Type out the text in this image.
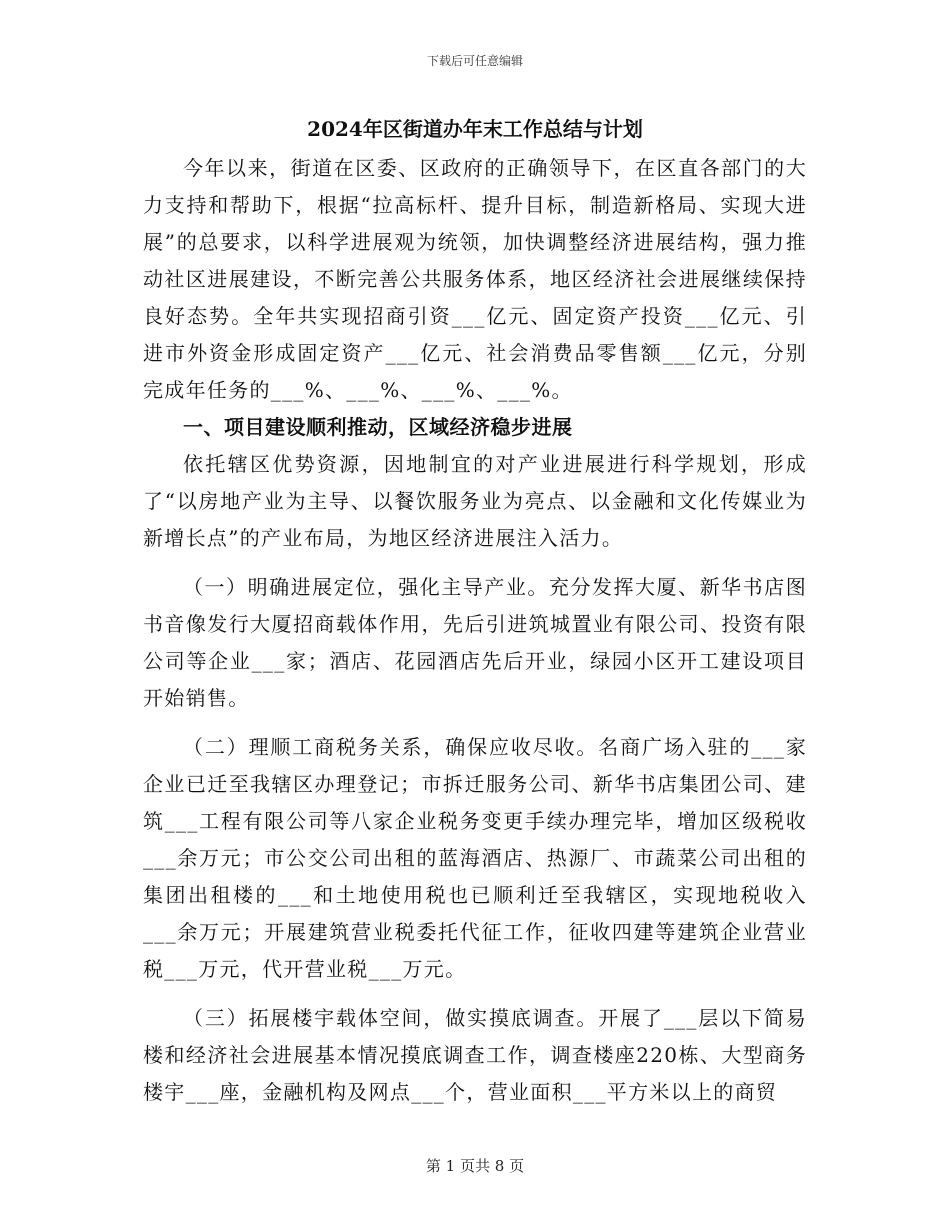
下载后可任意编辑
2024年区街道办年末工作总结与计划

今年以来，街道在区委、区政府的正确领导下，在区直各部门的大力支持和帮助下，根据“拉高标杆、提升目标，制造新格局、实现大进展”的总要求，以科学进展观为统领，加快调整经济进展结构，强力推动社区进展建设，不断完善公共服务体系，地区经济社会进展继续保持良好态势。全年共实现招商引资___亿元、固定资产投资___亿元、引进市外资金形成固定资产___亿元、社会消费品零售额___亿元，分别完成年任务的___%、___%、___%、___%。

一、项目建设顺利推动，区域经济稳步进展

依托辖区优势资源，因地制宜的对产业进展进行科学规划，形成了“以房地产业为主导、以餐饮服务业为亮点、以金融和文化传媒业为新增长点”的产业布局，为地区经济进展注入活力。

（一）明确进展定位，强化主导产业。充分发挥大厦、新华书店图书音像发行大厦招商载体作用，先后引进筑城置业有限公司、投资有限公司等企业___家；酒店、花园酒店先后开业，绿园小区开工建设项目开始销售。

（二）理顺工商税务关系，确保应收尽收。名商广场入驻的___家企业已迁至我辖区办理登记；市拆迁服务公司、新华书店集团公司、建筑___工程有限公司等八家企业税务变更手续办理完毕，增加区级税收___余万元；市公交公司出租的蓝海酒店、热源厂、市蔬菜公司出租的集团出租楼的___和土地使用税也已顺利迁至我辖区，实现地税收入___余万元；开展建筑营业税委托代征工作，征收四建等建筑企业营业税___万元，代开营业税___万元。

（三）拓展楼宇载体空间，做实摸底调查。开展了___层以下简易楼和经济社会进展基本情况摸底调查工作，调查楼座220栋、大型商务楼宇___座，金融机构及网点___个，营业面积___平方米以上的商贸

第 1 页共 8 页
